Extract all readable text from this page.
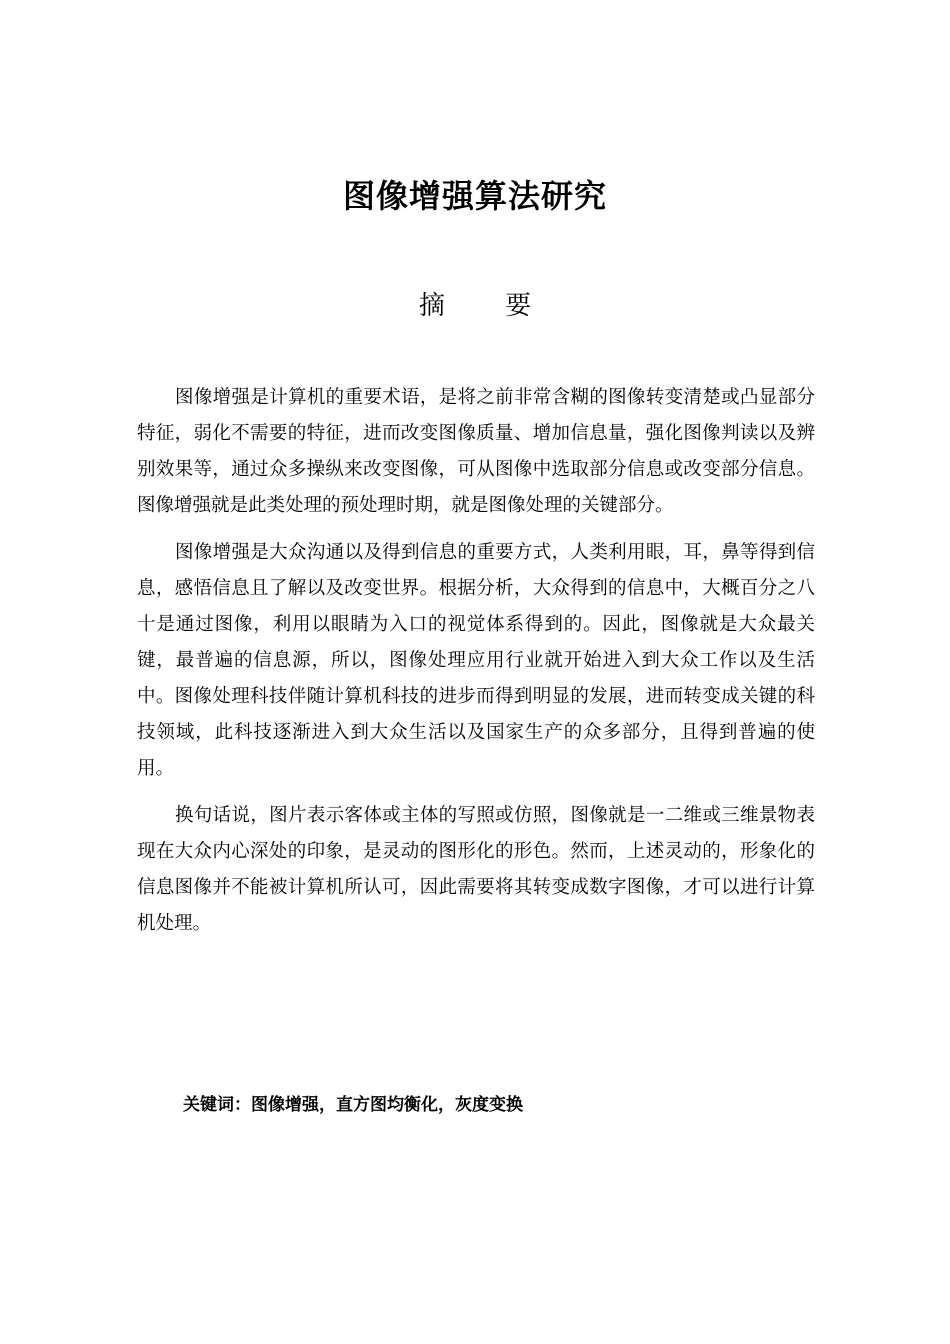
图像增强算法研究
摘 要

图像增强是计算机的重要术语，是将之前非常含糊的图像转变清楚或凸显部分特征，弱化不需要的特征，进而改变图像质量、增加信息量，强化图像判读以及辨别效果等，通过众多操纵来改变图像，可从图像中选取部分信息或改变部分信息。图像增强就是此类处理的预处理时期，就是图像处理的关键部分。

图像增强是大众沟通以及得到信息的重要方式，人类利用眼，耳，鼻等得到信息，感悟信息且了解以及改变世界。根据分析，大众得到的信息中，大概百分之八十是通过图像，利用以眼睛为入口的视觉体系得到的。因此，图像就是大众最关键，最普遍的信息源，所以，图像处理应用行业就开始进入到大众工作以及生活中。图像处理科技伴随计算机科技的进步而得到明显的发展，进而转变成关键的科技领域，此科技逐渐进入到大众生活以及国家生产的众多部分，且得到普遍的使用。

换句话说，图片表示客体或主体的写照或仿照，图像就是一二维或三维景物表现在大众内心深处的印象，是灵动的图形化的形色。然而，上述灵动的，形象化的信息图像并不能被计算机所认可，因此需要将其转变成数字图像，才可以进行计算机处理。

关键词：图像增强，直方图均衡化，灰度变换
